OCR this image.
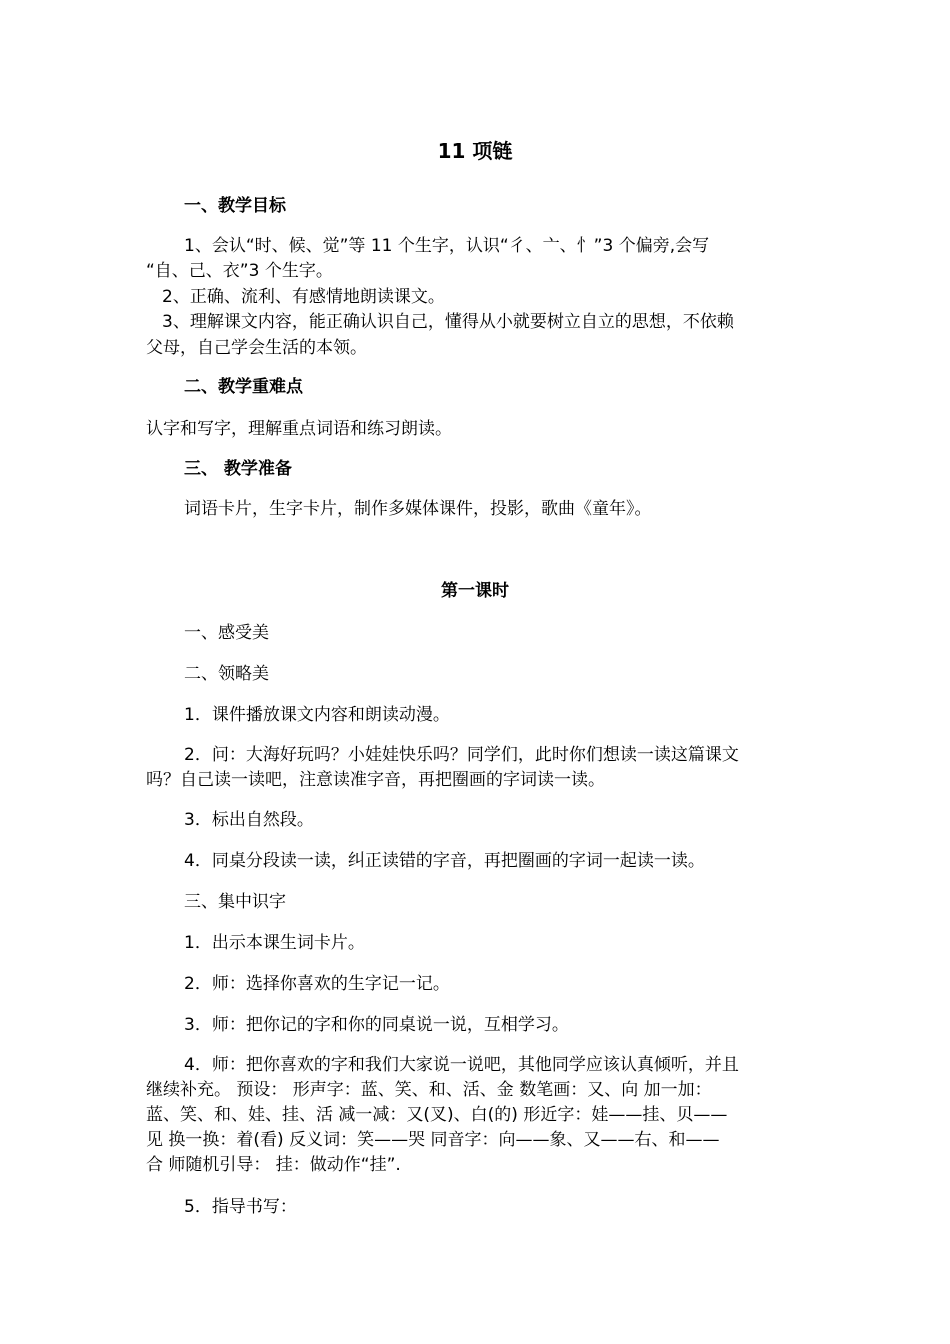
11 项链
一、教学目标
1、会认“时、候、觉”等 11 个生字，认识“彳、亠、忄”3 个偏旁,会写
“自、己、衣”3 个生字。
2、正确、流利、有感情地朗读课文。
3、理解课文内容，能正确认识自己，懂得从小就要树立自立的思想，不依赖
父母，自己学会生活的本领。
二、教学重难点
认字和写字，理解重点词语和练习朗读。
三、 教学准备
词语卡片，生字卡片，制作多媒体课件，投影，歌曲《童年》。
第一课时
一、感受美
二、领略美
1．课件播放课文内容和朗读动漫。
2．问：大海好玩吗？小娃娃快乐吗？同学们，此时你们想读一读这篇课文
吗？自己读一读吧，注意读准字音，再把圈画的字词读一读。
3．标出自然段。
4．同桌分段读一读，纠正读错的字音，再把圈画的字词一起读一读。
三、集中识字
1．出示本课生词卡片。
2．师：选择你喜欢的生字记一记。
3．师：把你记的字和你的同桌说一说，互相学习。
4．师：把你喜欢的字和我们大家说一说吧，其他同学应该认真倾听，并且
继续补充。 预设： 形声字：蓝、笑、和、活、金 数笔画：又、向 加一加：
蓝、笑、和、娃、挂、活 减一减：又(叉)、白(的) 形近字：娃——挂、贝——
见 换一换：着(看) 反义词：笑——哭 同音字：向——象、又——右、和——
合 师随机引导： 挂：做动作“挂”.
5．指导书写：
